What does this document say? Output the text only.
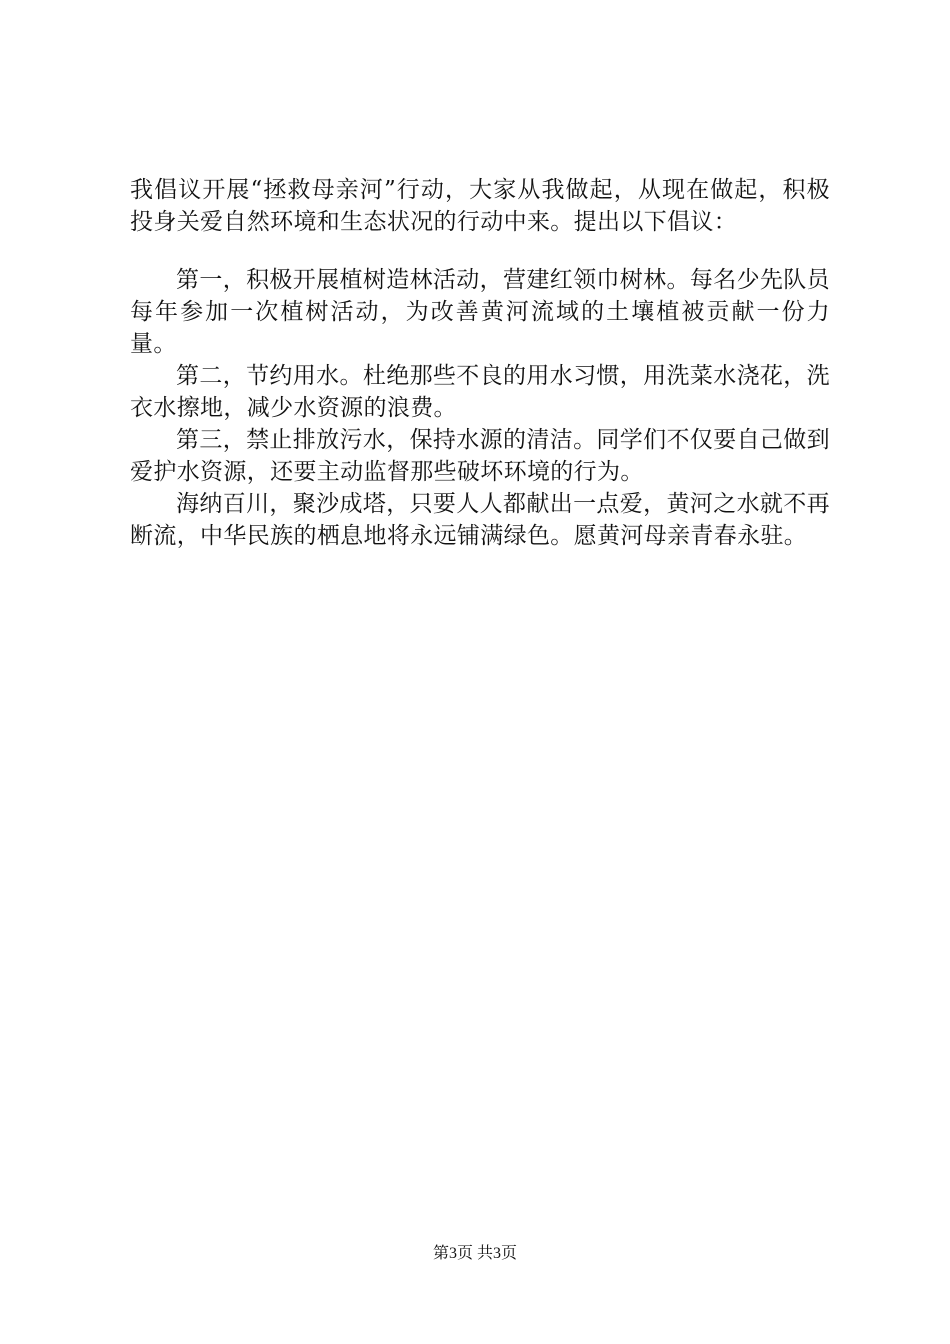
我倡议开展“拯救母亲河”行动，大家从我做起，从现在做起，积极投身关爱自然环境和生态状况的行动中来。提出以下倡议：

第一，积极开展植树造林活动，营建红领巾树林。每名少先队员每年参加一次植树活动，为改善黄河流域的土壤植被贡献一份力量。

第二，节约用水。杜绝那些不良的用水习惯，用洗菜水浇花，洗衣水擦地，减少水资源的浪费。

第三，禁止排放污水，保持水源的清洁。同学们不仅要自己做到爱护水资源，还要主动监督那些破坏环境的行为。

海纳百川，聚沙成塔，只要人人都献出一点爱，黄河之水就不再断流，中华民族的栖息地将永远铺满绿色。愿黄河母亲青春永驻。

第3页 共3页
